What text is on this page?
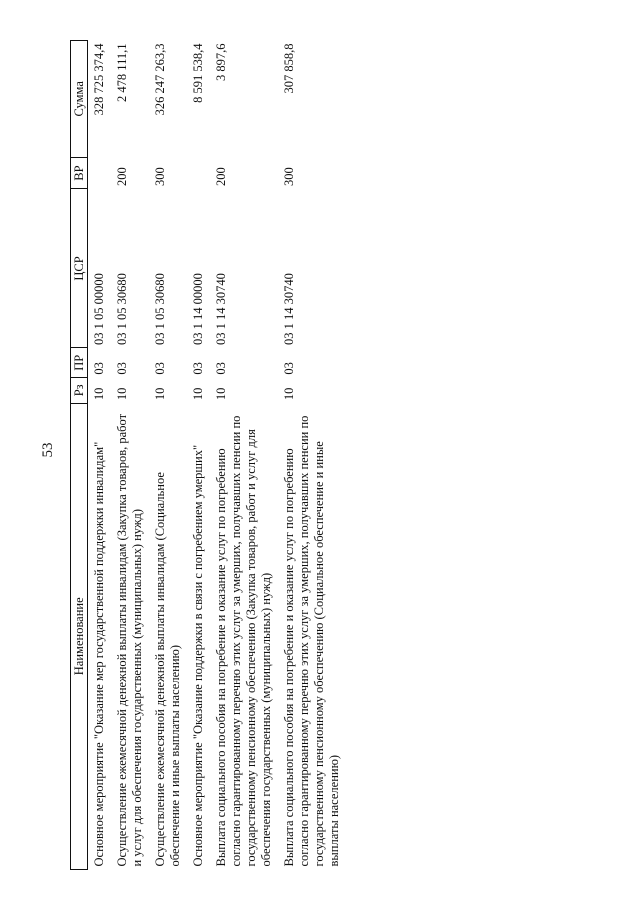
53
Наименование	Рз	ПР	ЦСР	ВР	Сумма
Основное мероприятие "Оказание мер государственной поддержки инвалидам"	10	03	03 1 05 00000		328 725 374,4
Осуществление ежемесячной денежной выплаты инвалидам (Закупка товаров, работ и услуг для обеспечения государственных (муниципальных) нужд)	10	03	03 1 05 30680	200	2 478 111,1
Осуществление ежемесячной денежной выплаты инвалидам (Социальное обеспечение и иные выплаты населению)	10	03	03 1 05 30680	300	326 247 263,3
Основное мероприятие "Оказание поддержки в связи с погребением умерших"	10	03	03 1 14 00000		8 591 538,4
Выплата социального пособия на погребение и оказание услуг по погребению согласно гарантированному перечню этих услуг за умерших, получавших пенсии по государственному пенсионному обеспечению (Закупка товаров, работ и услуг для обеспечения государственных (муниципальных) нужд)	10	03	03 1 14 30740	200	3 897,6
Выплата социального пособия на погребение и оказание услуг по погребению согласно гарантированному перечню этих услуг за умерших, получавших пенсии по государственному пенсионному обеспечению (Социальное обеспечение и иные выплаты населению)	10	03	03 1 14 30740	300	307 858,8
